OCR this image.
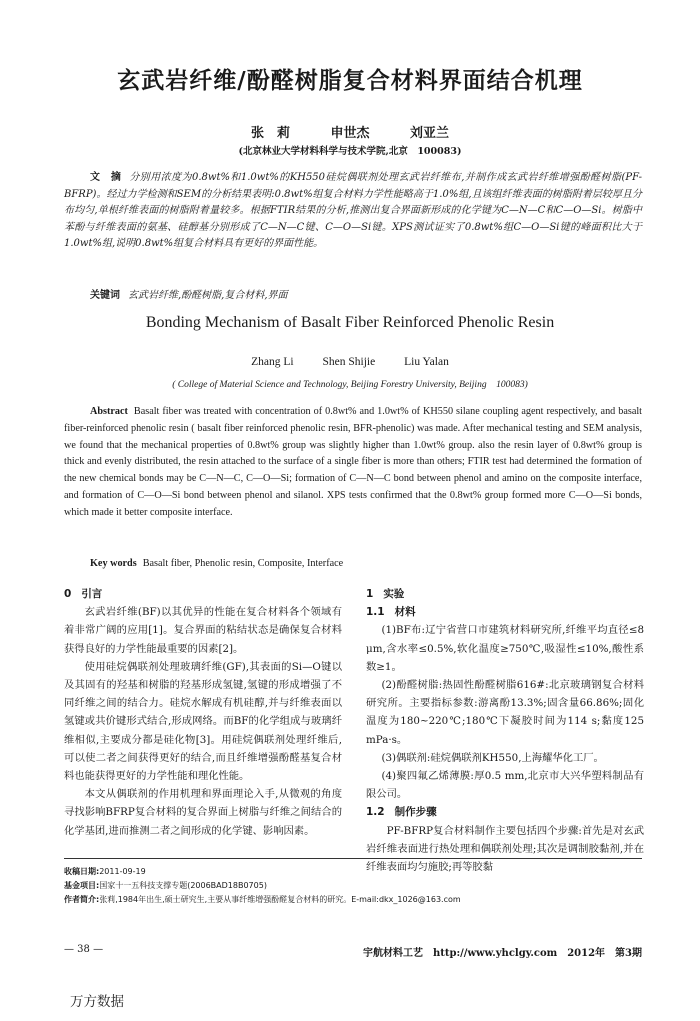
玄武岩纤维/酚醛树脂复合材料界面结合机理
张　莉	申世杰	刘亚兰
(北京林业大学材料科学与技术学院,北京　100083)
文　摘 分别用浓度为0.8wt%和1.0wt%的KH550硅烷偶联剂处理玄武岩纤维布,并制作成玄武岩纤维增强酚醛树脂(PF-BFRP)。经过力学检测和SEM的分析结果表明:0.8wt%组复合材料力学性能略高于1.0%组,且该组纤维表面的树脂附着层较厚且分布均匀,单根纤维表面的树脂附着量较多。根据FTIR结果的分析,推测出复合界面新形成的化学键为C—N—C和C—O—Si。树脂中苯酚与纤维表面的氨基、硅醇基分别形成了C—N—C键、C—O—Si键。XPS测试证实了0.8wt%组C—O—Si键的峰面积比大于1.0wt%组,说明0.8wt%组复合材料具有更好的界面性能。
关键词 玄武岩纤维,酚醛树脂,复合材料,界面
Bonding Mechanism of Basalt Fiber Reinforced Phenolic Resin
Zhang Li	Shen Shijie	Liu Yalan
( College of Material Science and Technology, Beijing Forestry University, Beijing　100083)
Abstract Basalt fiber was treated with concentration of 0.8wt% and 1.0wt% of KH550 silane coupling agent respectively, and basalt fiber-reinforced phenolic resin ( basalt fiber reinforced phenolic resin, BFR-phenolic) was made. After mechanical testing and SEM analysis, we found that the mechanical properties of 0.8wt% group was slightly higher than 1.0wt% group. also the resin layer of 0.8wt% group is thick and evenly distributed, the resin attached to the surface of a single fiber is more than others; FTIR test had determined the formation of the new chemical bonds may be C—N—C, C—O—Si; formation of C—N—C bond between phenol and amino on the composite interface, and formation of C—O—Si bond between phenol and silanol. XPS tests confirmed that the 0.8wt% group formed more C—O—Si bonds, which made it better composite interface.
Key words Basalt fiber, Phenolic resin, Composite, Interface
0 引言

玄武岩纤维(BF)以其优异的性能在复合材料各个领域有着非常广阔的应用[1]。复合界面的粘结状态是确保复合材料获得良好的力学性能最重要的因素[2]。

使用硅烷偶联剂处理玻璃纤维(GF),其表面的Si—O键以及其固有的羟基和树脂的羟基形成氢键,氢键的形成增强了不同纤维之间的结合力。硅烷水解成有机硅醇,并与纤维表面以氢键或共价键形式结合,形成网络。而BF的化学组成与玻璃纤维相似,主要成分都是硅化物[3]。用硅烷偶联剂处理纤维后,可以使二者之间获得更好的结合,而且纤维增强酚醛基复合材料也能获得更好的力学性能和理化性能。

本文从偶联剂的作用机理和界面理论入手,从微观的角度寻找影响BFRP复合材料的复合界面上树脂与纤维之间结合的化学基团,进而推测二者之间形成的化学键、影响因素。

1 实验
1.1 材料

(1)BF布:辽宁省营口市建筑材料研究所,纤维平均直径≤8 μm,含水率≤0.5%,软化温度≥750℃,吸湿性≤10%,酸性系数≥1。

(2)酚醛树脂:热固性酚醛树脂616#:北京玻璃钢复合材料研究所。主要指标参数:游离酚13.3%;固含量66.86%;固化温度为180~220℃;180℃下凝胶时间为114 s;黏度125 mPa·s。

(3)偶联剂:硅烷偶联剂KH550,上海耀华化工厂。

(4)聚四氟乙烯薄膜:厚0.5 mm,北京市大兴华塑料制品有限公司。

1.2 制作步骤

PF-BFRP复合材料制作主要包括四个步骤:首先是对玄武岩纤维表面进行热处理和偶联剂处理;其次是调制胶黏剂,并在纤维表面均匀施胶;再等胶黏

收稿日期:2011-09-19
基金项目:国家十一五科技支撑专题(2006BAD18B0705)
作者简介:张莉,1984年出生,硕士研究生,主要从事纤维增强酚醛复合材料的研究。E-mail:dkx_1026@163.com
— 38 —	宇航材料工艺　http://www.yhclgy.com　2012年　第3期
万方数据
